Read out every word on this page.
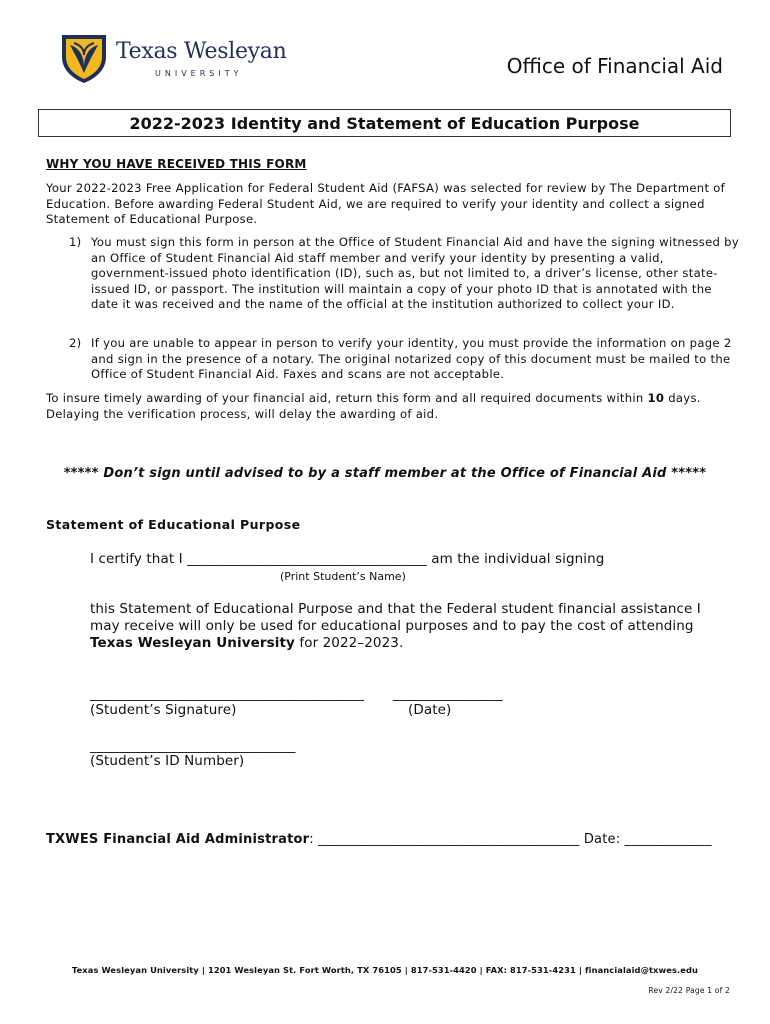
Texas Wesleyan
UNIVERSITY	Office of Financial Aid
2022-2023 Identity and Statement of Education Purpose
WHY YOU HAVE RECEIVED THIS FORM
Your 2022-2023 Free Application for Federal Student Aid (FAFSA) was selected for review by The Department of Education. Before awarding Federal Student Aid, we are required to verify your identity and collect a signed Statement of Educational Purpose.
1) You must sign this form in person at the Office of Student Financial Aid and have the signing witnessed by an Office of Student Financial Aid staff member and verify your identity by presenting a valid, government-issued photo identification (ID), such as, but not limited to, a driver’s license, other state-issued ID, or passport. The institution will maintain a copy of your photo ID that is annotated with the date it was received and the name of the official at the institution authorized to collect your ID.
2) If you are unable to appear in person to verify your identity, you must provide the information on page 2 and sign in the presence of a notary. The original notarized copy of this document must be mailed to the Office of Student Financial Aid. Faxes and scans are not acceptable.
To insure timely awarding of your financial aid, return this form and all required documents within 10 days. Delaying the verification process, will delay the awarding of aid.
***** Don’t sign until advised to by a staff member at the Office of Financial Aid *****
Statement of Educational Purpose
I certify that I ___________________________________ am the individual signing
(Print Student’s Name)
this Statement of Educational Purpose and that the Federal student financial assistance I may receive will only be used for educational purposes and to pay the cost of attending Texas Wesleyan University for 2022–2023.
________________________________________ ________________
(Student’s Signature)	(Date)
______________________________
(Student’s ID Number)
TXWES Financial Aid Administrator: _______________________________________ Date: _____________
Texas Wesleyan University | 1201 Wesleyan St. Fort Worth, TX 76105 | 817-531-4420 | FAX: 817-531-4231 | financialaid@txwes.edu
Rev 2/22 Page 1 of 2
